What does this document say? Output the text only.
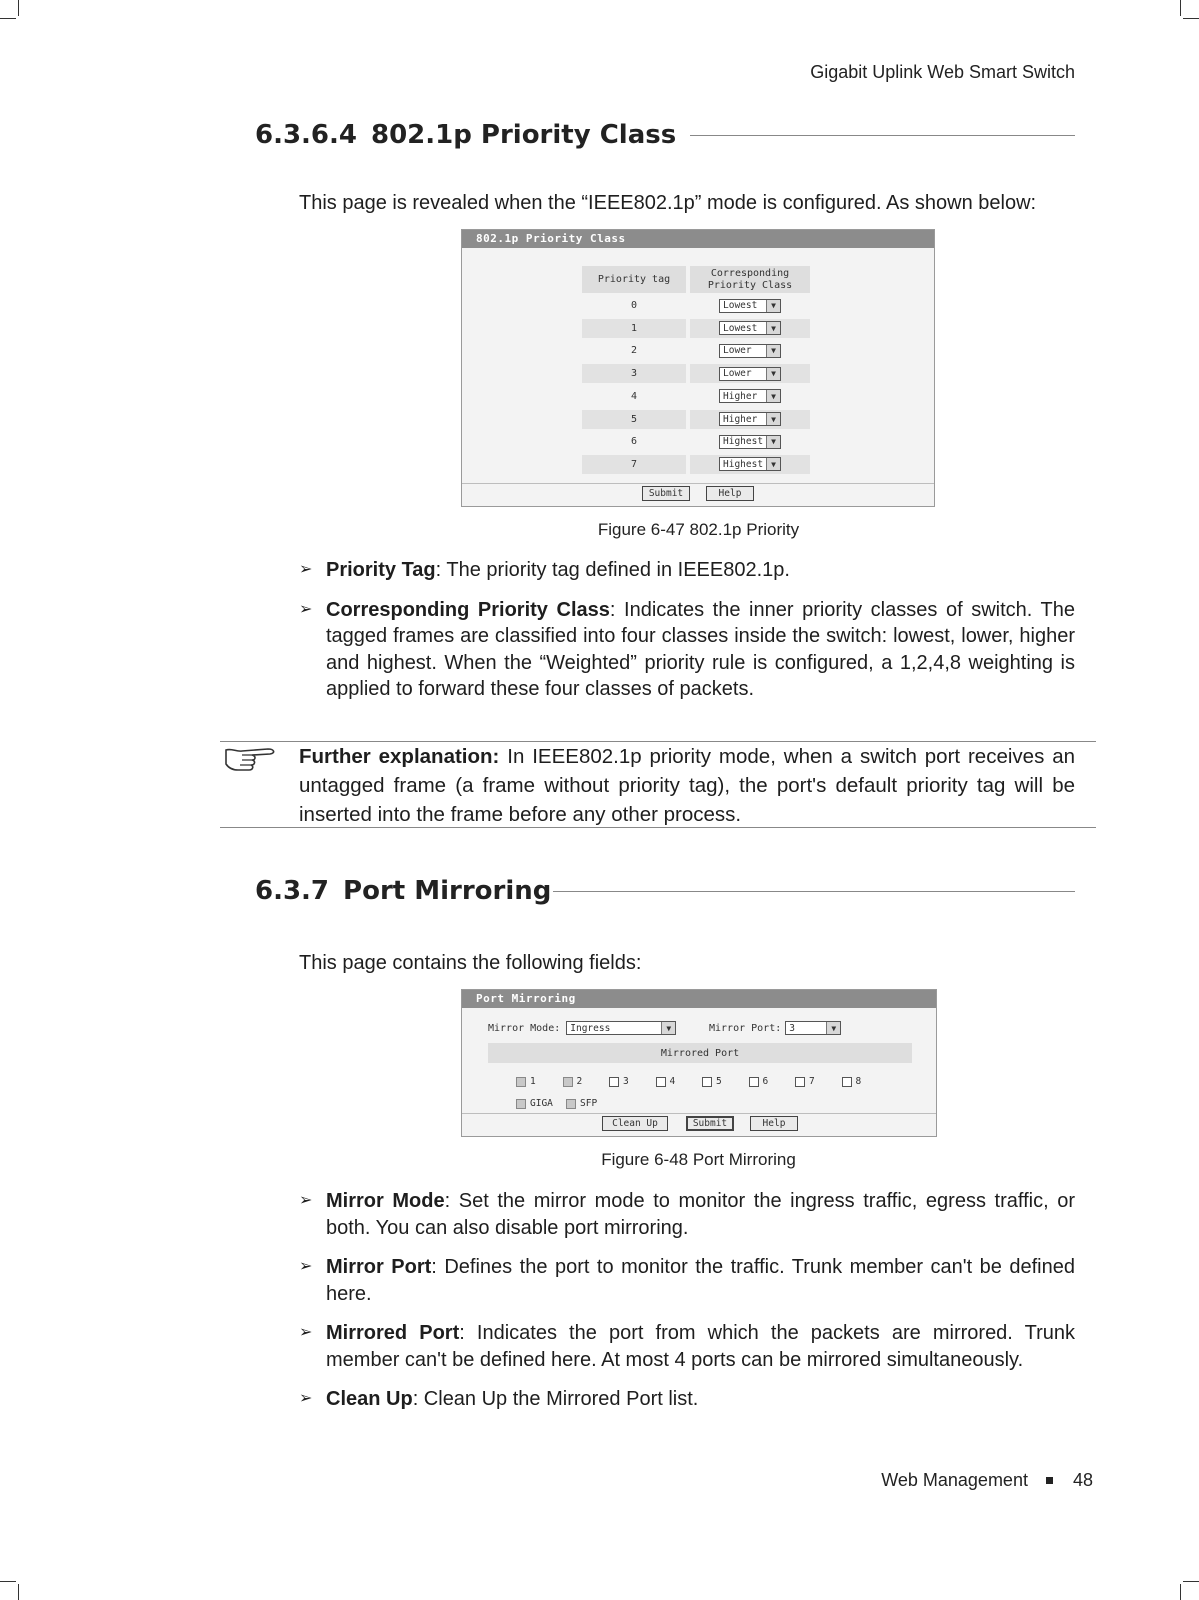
Gigabit Uplink Web Smart Switch
6.3.6.4 802.1p Priority Class
This page is revealed when the “IEEE802.1p” mode is configured. As shown below:
802.1p Priority Class
Priority tag
Corresponding
Priority Class
0	Lowest	▼
1	Lowest	▼
2	Lower	▼
3	Lower	▼
4	Higher	▼
5	Higher	▼
6	Highest	▼
7	Highest	▼
Submit	Help
Figure 6-47 802.1p Priority
➢ Priority Tag: The priority tag defined in IEEE802.1p.
➢ Corresponding Priority Class: Indicates the inner priority classes of switch. The tagged frames are classified into four classes inside the switch: lowest, lower, higher and highest. When the “Weighted” priority rule is configured, a 1,2,4,8 weighting is applied to forward these four classes of packets.
Further explanation: In IEEE802.1p priority mode, when a switch port receives an untagged frame (a frame without priority tag), the port's default priority tag will be inserted into the frame before any other process.
6.3.7 Port Mirroring
This page contains the following fields:
Port Mirroring
Mirror Mode: Ingress	▼	Mirror Port: 3	▼
Mirrored Port
1	2	3	4	5	6	7	8
GIGA	SFP
Clean Up	Submit	Help
Figure 6-48 Port Mirroring
➢ Mirror Mode: Set the mirror mode to monitor the ingress traffic, egress traffic, or both. You can also disable port mirroring.
➢ Mirror Port: Defines the port to monitor the traffic. Trunk member can't be defined here.
➢ Mirrored Port: Indicates the port from which the packets are mirrored. Trunk member can't be defined here. At most 4 ports can be mirrored simultaneously.
➢ Clean Up: Clean Up the Mirrored Port list.
Web Management	48
